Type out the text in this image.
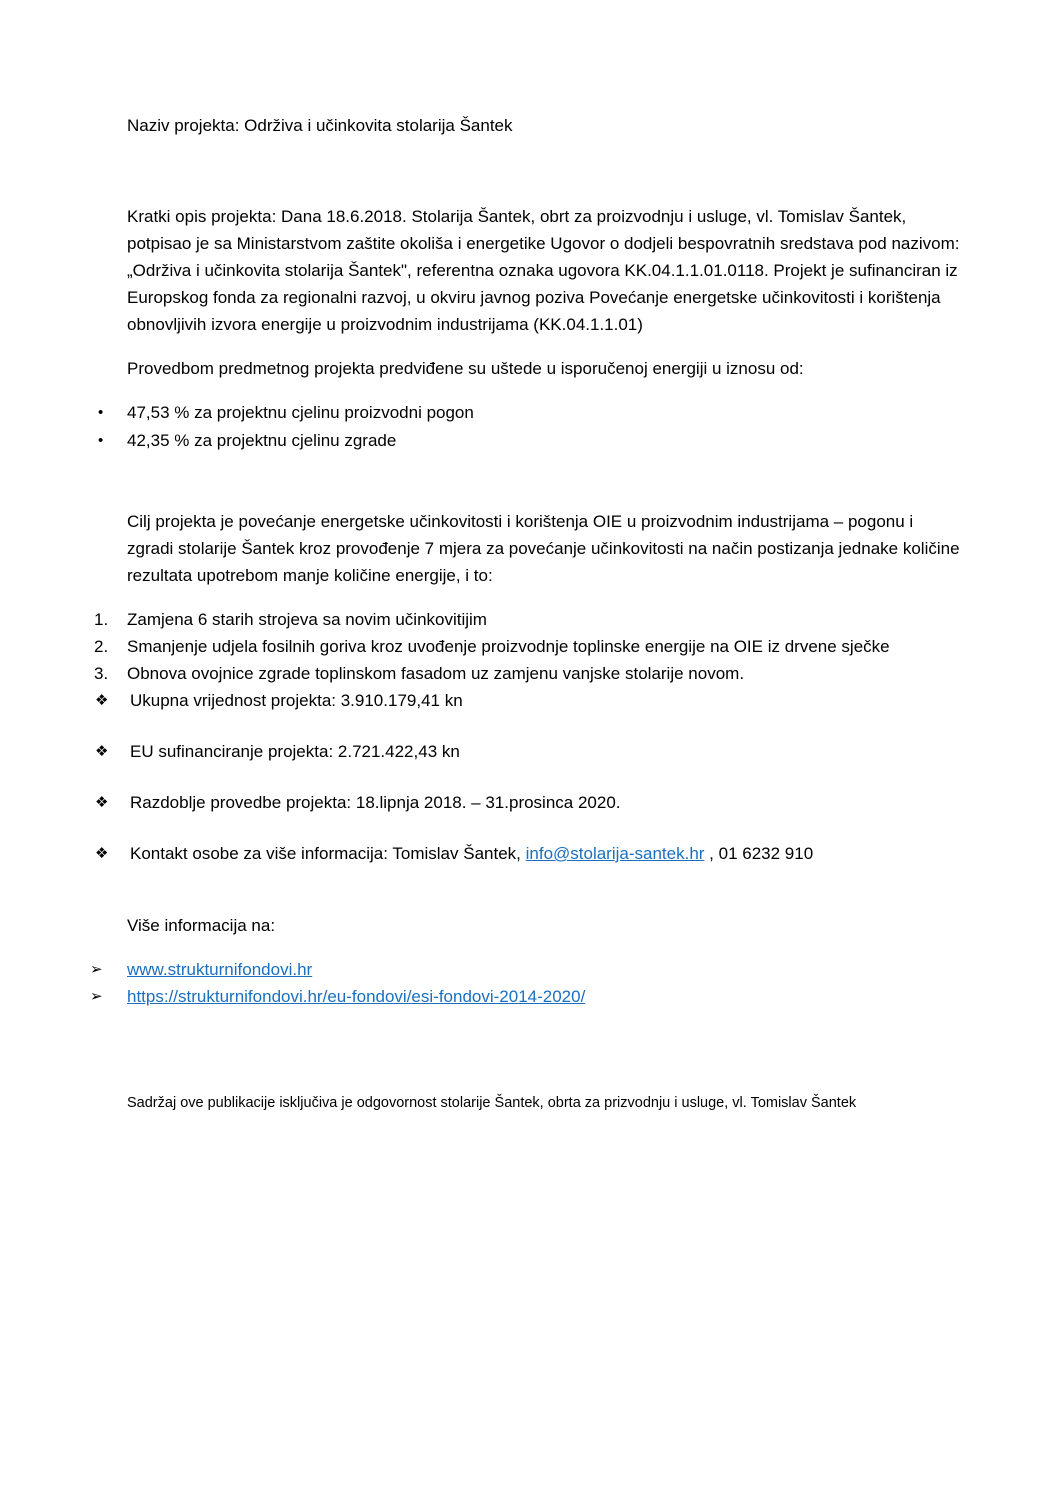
Naziv projekta: Održiva i učinkovita stolarija Šantek

Kratki opis projekta: Dana 18.6.2018. Stolarija Šantek, obrt za proizvodnju i usluge, vl. Tomislav Šantek, potpisao je sa Ministarstvom zaštite okoliša i energetike Ugovor o dodjeli bespovratnih sredstava pod nazivom: „Održiva i učinkovita stolarija Šantek", referentna oznaka ugovora KK.04.1.1.01.0118. Projekt je sufinanciran iz Europskog fonda za regionalni razvoj, u okviru javnog poziva Povećanje energetske učinkovitosti i korištenja obnovljivih izvora energije u proizvodnim industrijama (KK.04.1.1.01)

Provedbom predmetnog projekta predviđene su uštede u isporučenoj energiji u iznosu od:

•	47,53 % za projektnu cjelinu proizvodni pogon
•	42,35 % za projektnu cjelinu zgrade

Cilj projekta je povećanje energetske učinkovitosti i korištenja OIE u proizvodnim industrijama – pogonu i zgradi stolarije Šantek kroz provođenje 7 mjera za povećanje učinkovitosti na način postizanja jednake količine rezultata upotrebom manje količine energije, i to:

1.	Zamjena 6 starih strojeva sa novim učinkovitijim
2.	Smanjenje udjela fosilnih goriva kroz uvođenje proizvodnje toplinske energije na OIE iz drvene sječke
3.	Obnova ovojnice zgrade toplinskom fasadom uz zamjenu vanjske stolarije novom.
❖	Ukupna vrijednost projekta: 3.910.179,41 kn
❖	EU sufinanciranje projekta: 2.721.422,43 kn
❖	Razdoblje provedbe projekta: 18.lipnja 2018. – 31.prosinca 2020.
❖	Kontakt osobe za više informacija: Tomislav Šantek, info@stolarija-santek.hr , 01 6232 910

Više informacija na:

➢	www.strukturnifondovi.hr
➢	https://strukturnifondovi.hr/eu-fondovi/esi-fondovi-2014-2020/

Sadržaj ove publikacije isključiva je odgovornost stolarije Šantek, obrta za prizvodnju i usluge, vl. Tomislav Šantek
